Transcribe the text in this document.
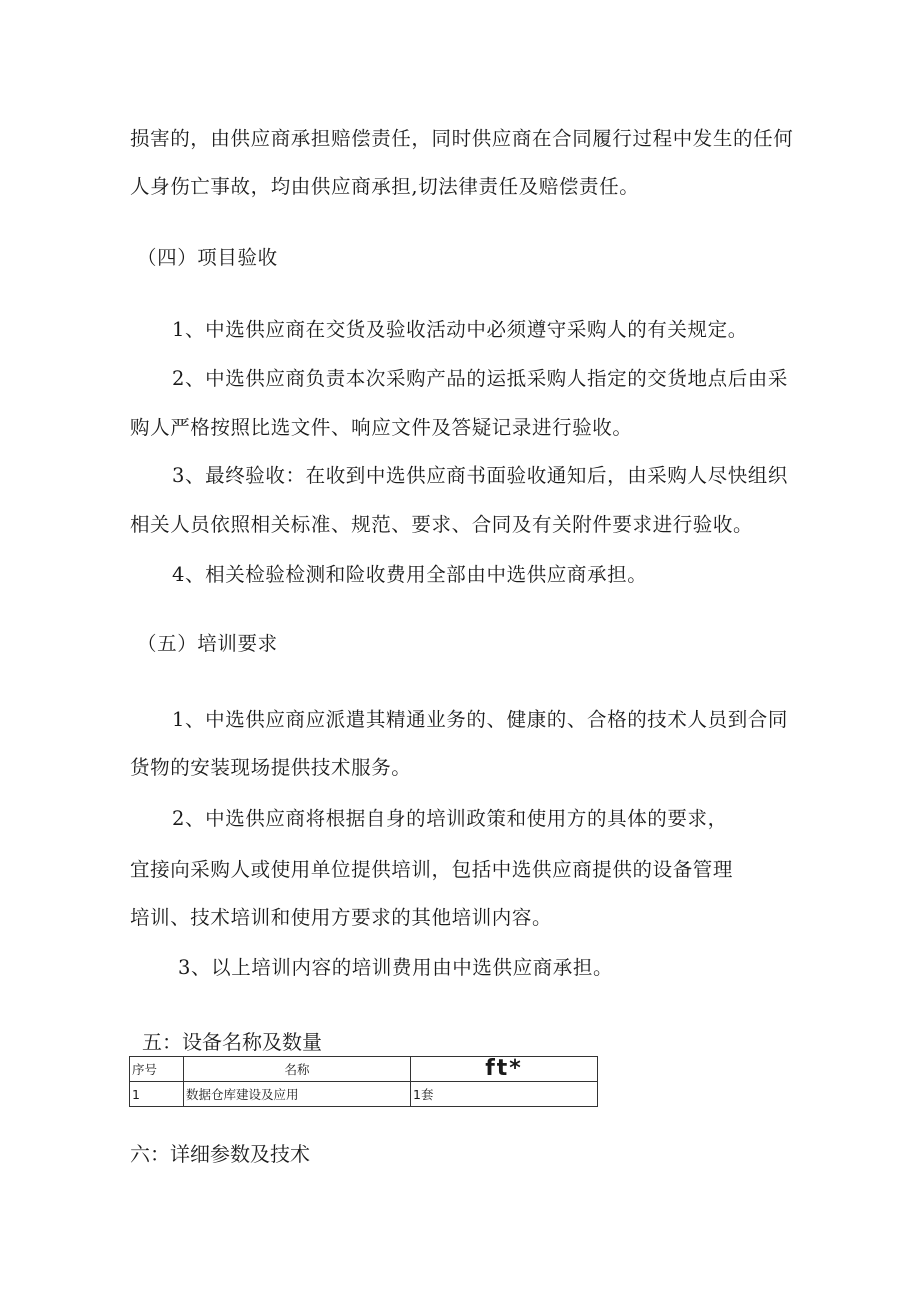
损害的，由供应商承担赔偿责任，同时供应商在合同履行过程中发生的任何
人身伤亡事故，均由供应商承担,切法律责任及赔偿责任。
（四）项目验收
1、中选供应商在交货及验收活动中必须遵守采购人的有关规定。
2、中选供应商负责本次采购产品的运抵采购人指定的交货地点后由采
购人严格按照比选文件、响应文件及答疑记录进行验收。
3、最终验收：在收到中选供应商书面验收通知后，由采购人尽快组织
相关人员依照相关标准、规范、要求、合同及有关附件要求进行验收。
4、相关检验检测和险收费用全部由中选供应商承担。
（五）培训要求
1、中选供应商应派遣其精通业务的、健康的、合格的技术人员到合同
货物的安装现场提供技术服务。
2、中选供应商将根据自身的培训政策和使用方的具体的要求，
宜接向采购人或使用单位提供培训，包括中选供应商提供的设备管理
培训、技术培训和使用方要求的其他培训内容。
3、以上培训内容的培训费用由中选供应商承担。
五：设备名称及数量
序号	名称	ft*
1	数据仓库建设及应用	1套
六：详细参数及技术
